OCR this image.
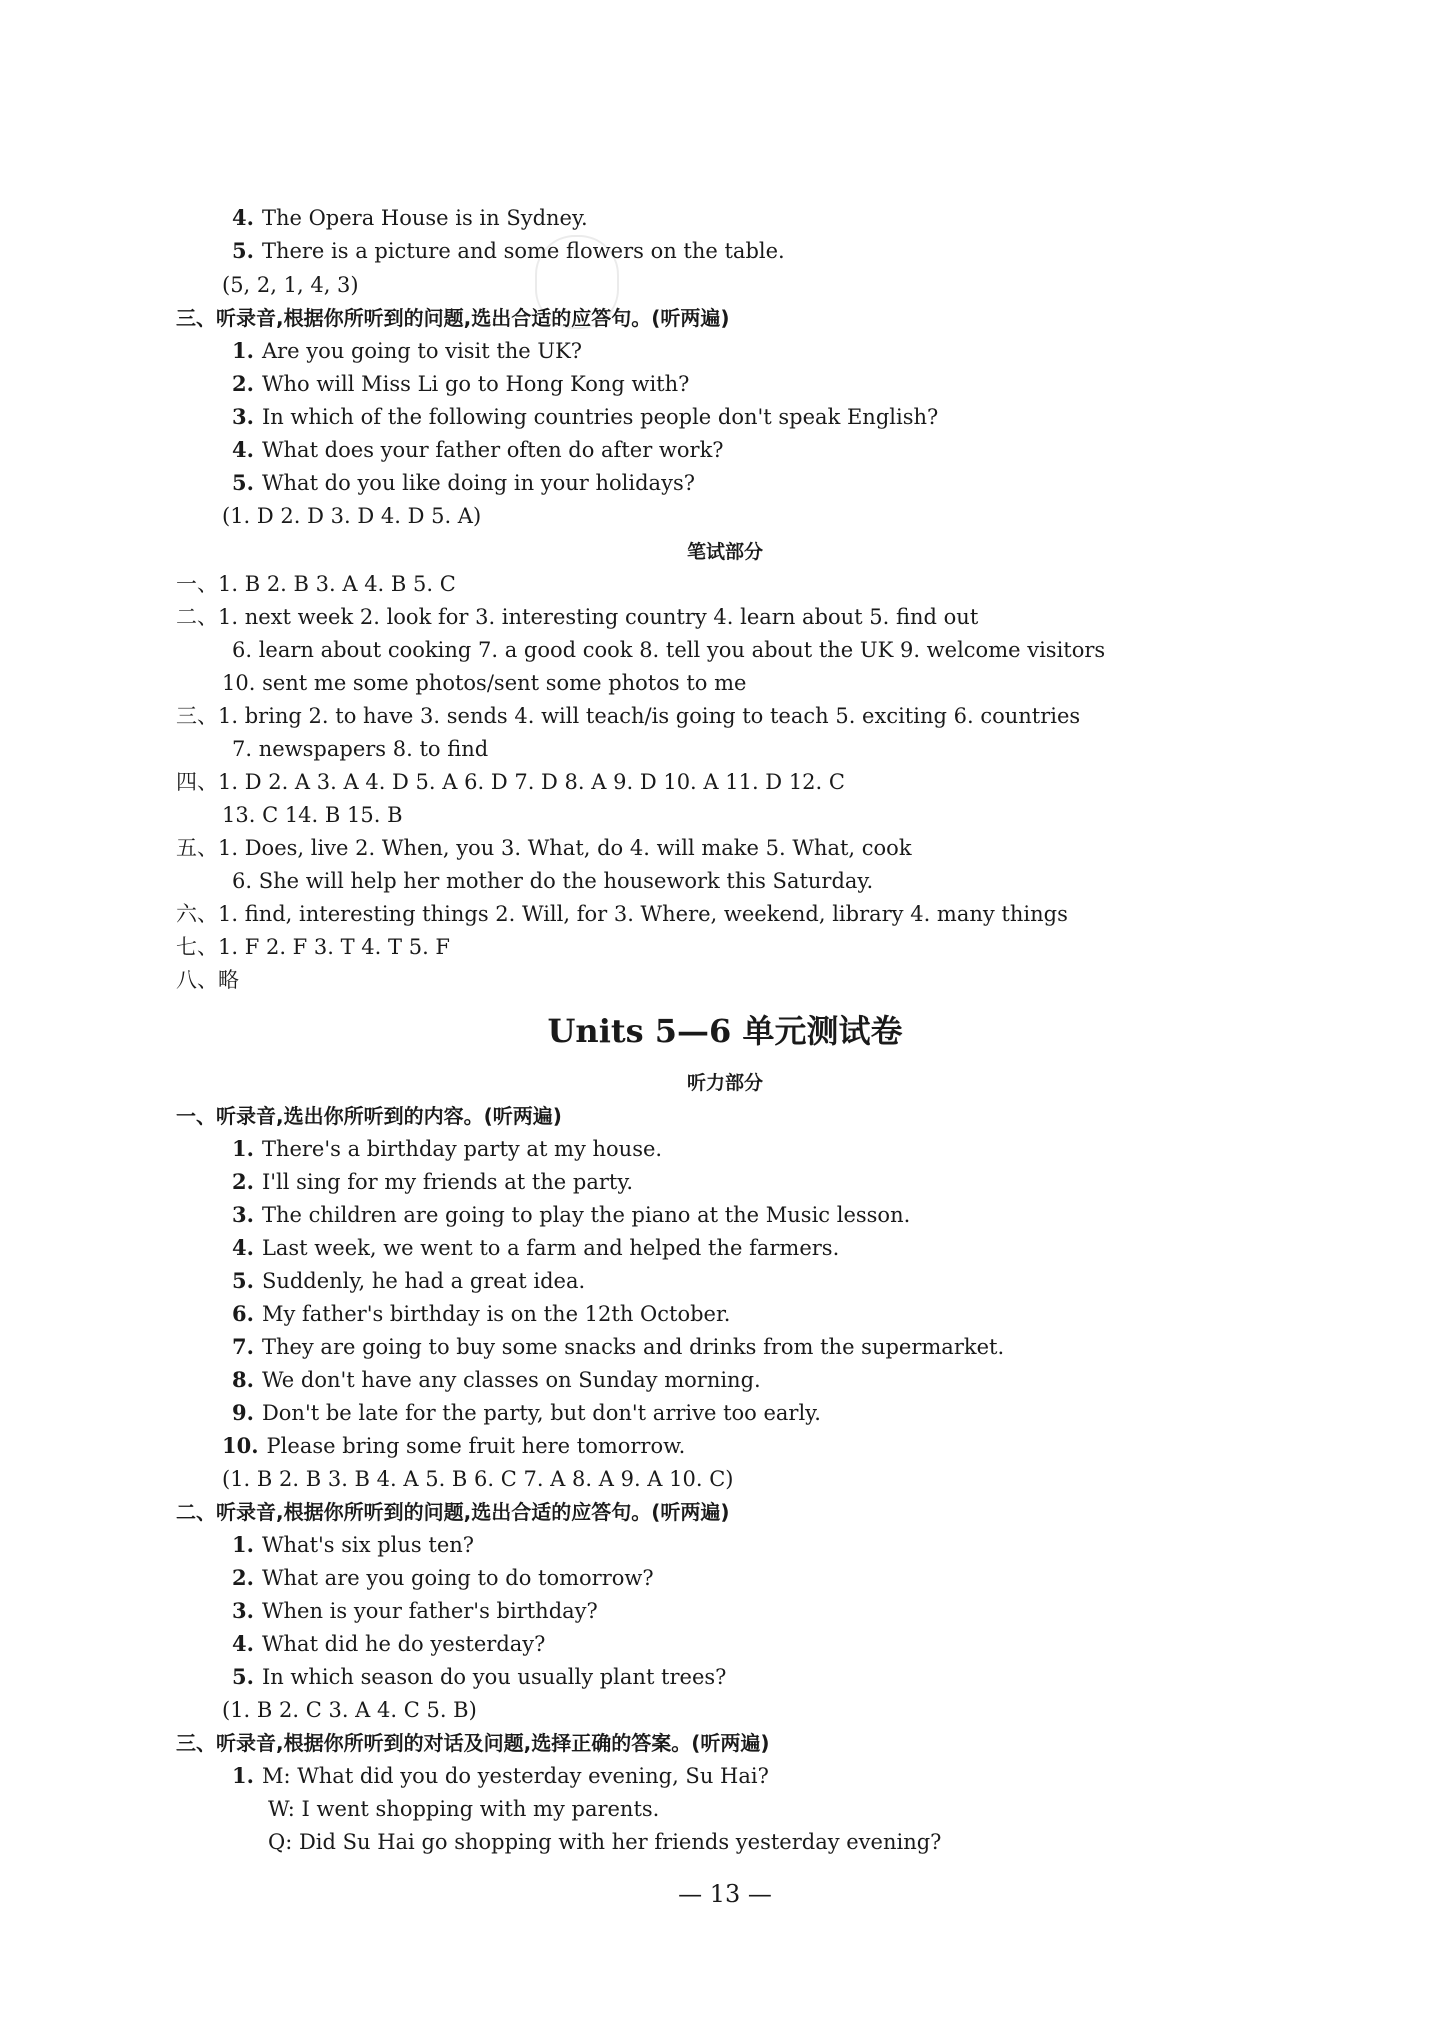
4. The Opera House is in Sydney.
5. There is a picture and some flowers on the table.
(5, 2, 1, 4, 3)
三、听录音,根据你所听到的问题,选出合适的应答句。(听两遍)
1. Are you going to visit the UK?
2. Who will Miss Li go to Hong Kong with?
3. In which of the following countries people don't speak English?
4. What does your father often do after work?
5. What do you like doing in your holidays?
(1. D 2. D 3. D 4. D 5. A)
笔试部分
一、1. B 2. B 3. A 4. B 5. C
二、1. next week 2. look for 3. interesting country 4. learn about 5. find out
6. learn about cooking 7. a good cook 8. tell you about the UK 9. welcome visitors
10. sent me some photos/sent some photos to me
三、1. bring 2. to have 3. sends 4. will teach/is going to teach 5. exciting 6. countries
7. newspapers 8. to find
四、1. D 2. A 3. A 4. D 5. A 6. D 7. D 8. A 9. D 10. A 11. D 12. C
13. C 14. B 15. B
五、1. Does, live 2. When, you 3. What, do 4. will make 5. What, cook
6. She will help her mother do the housework this Saturday.
六、1. find, interesting things 2. Will, for 3. Where, weekend, library 4. many things
七、1. F 2. F 3. T 4. T 5. F
八、略
Units 5—6 单元测试卷
听力部分
一、听录音,选出你所听到的内容。(听两遍)
1. There's a birthday party at my house.
2. I'll sing for my friends at the party.
3. The children are going to play the piano at the Music lesson.
4. Last week, we went to a farm and helped the farmers.
5. Suddenly, he had a great idea.
6. My father's birthday is on the 12th October.
7. They are going to buy some snacks and drinks from the supermarket.
8. We don't have any classes on Sunday morning.
9. Don't be late for the party, but don't arrive too early.
10. Please bring some fruit here tomorrow.
(1. B 2. B 3. B 4. A 5. B 6. C 7. A 8. A 9. A 10. C)
二、听录音,根据你所听到的问题,选出合适的应答句。(听两遍)
1. What's six plus ten?
2. What are you going to do tomorrow?
3. When is your father's birthday?
4. What did he do yesterday?
5. In which season do you usually plant trees?
(1. B 2. C 3. A 4. C 5. B)
三、听录音,根据你所听到的对话及问题,选择正确的答案。(听两遍)
1. M: What did you do yesterday evening, Su Hai?
W: I went shopping with my parents.
Q: Did Su Hai go shopping with her friends yesterday evening?
— 13 —
